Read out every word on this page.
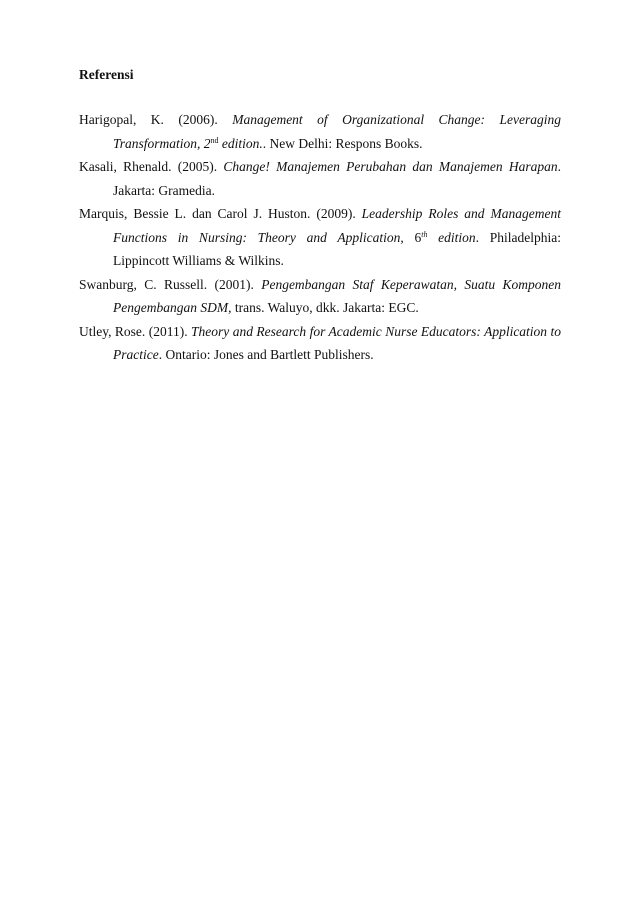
Referensi

Harigopal, K. (2006). Management of Organizational Change: Leveraging Transformation, 2nd edition.. New Delhi: Respons Books.

Kasali, Rhenald. (2005). Change! Manajemen Perubahan dan Manajemen Harapan. Jakarta: Gramedia.

Marquis, Bessie L. dan Carol J. Huston. (2009). Leadership Roles and Management Functions in Nursing: Theory and Application, 6th edition. Philadelphia: Lippincott Williams & Wilkins.

Swanburg, C. Russell. (2001). Pengembangan Staf Keperawatan, Suatu Komponen Pengembangan SDM, trans. Waluyo, dkk. Jakarta: EGC.

Utley, Rose. (2011). Theory and Research for Academic Nurse Educators: Application to Practice. Ontario: Jones and Bartlett Publishers.
